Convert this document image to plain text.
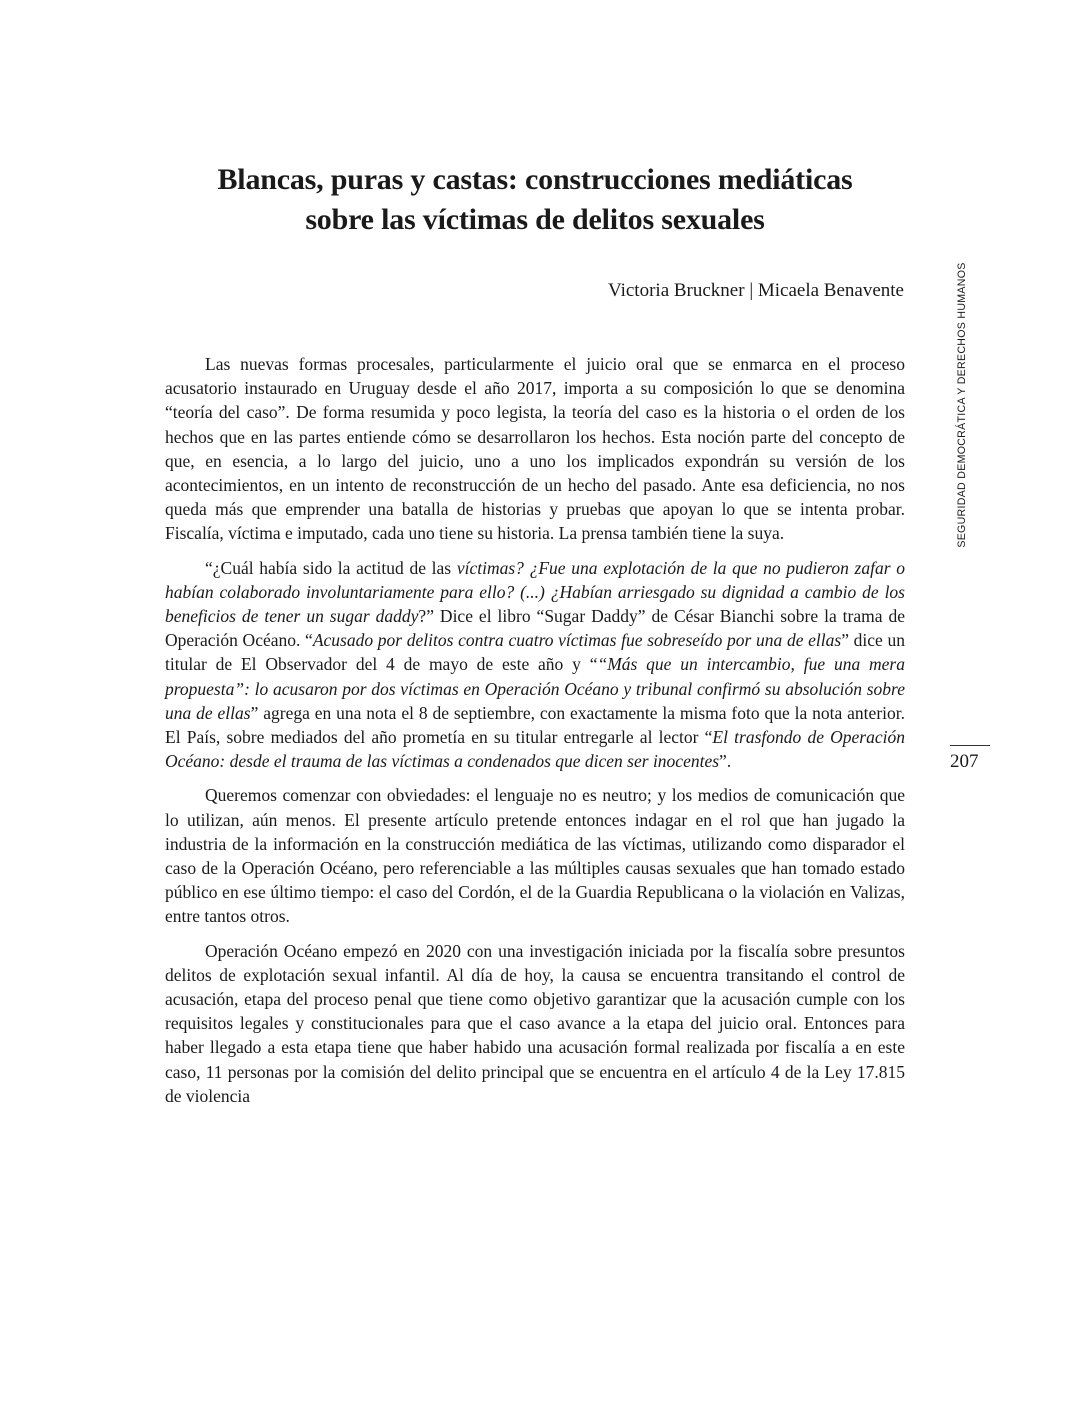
Blancas, puras y castas: construcciones mediáticas
sobre las víctimas de delitos sexuales
Victoria Bruckner | Micaela Benavente	SEGURIDAD DEMOCRÁTICA Y DERECHOS HUMANOS
207

Las nuevas formas procesales, particularmente el juicio oral que se enmarca en el proceso acusatorio instaurado en Uruguay desde el año 2017, importa a su composición lo que se denomina “teoría del caso”. De forma resumida y poco legista, la teoría del caso es la historia o el orden de los hechos que en las partes entiende cómo se desarrollaron los hechos. Esta noción parte del concepto de que, en esencia, a lo largo del juicio, uno a uno los implicados expondrán su versión de los acontecimientos, en un intento de reconstrucción de un hecho del pasado. Ante esa deficiencia, no nos queda más que emprender una batalla de historias y pruebas que apoyan lo que se intenta probar. Fiscalía, víctima e imputado, cada uno tiene su historia. La prensa también tiene la suya.

“¿Cuál había sido la actitud de las víctimas? ¿Fue una explotación de la que no pudieron zafar o habían colaborado involuntariamente para ello? (...) ¿Habían arriesgado su dignidad a cambio de los beneficios de tener un sugar daddy?” Dice el libro “Sugar Daddy” de César Bianchi sobre la trama de Operación Océano. “Acusado por delitos contra cuatro víctimas fue sobreseído por una de ellas” dice un titular de El Observador del 4 de mayo de este año y ““Más que un intercambio, fue una mera propuesta”: lo acusaron por dos víctimas en Operación Océano y tribunal confirmó su absolución sobre una de ellas” agrega en una nota el 8 de septiembre, con exactamente la misma foto que la nota anterior. El País, sobre mediados del año prometía en su titular entregarle al lector “El trasfondo de Operación Océano: desde el trauma de las víctimas a condenados que dicen ser inocentes”.

Queremos comenzar con obviedades: el lenguaje no es neutro; y los medios de comunicación que lo utilizan, aún menos. El presente artículo pretende entonces indagar en el rol que han jugado la industria de la información en la construcción mediática de las víctimas, utilizando como disparador el caso de la Operación Océano, pero referenciable a las múltiples causas sexuales que han tomado estado público en ese último tiempo: el caso del Cordón, el de la Guardia Republicana o la violación en Valizas, entre tantos otros.

Operación Océano empezó en 2020 con una investigación iniciada por la fiscalía sobre presuntos delitos de explotación sexual infantil. Al día de hoy, la causa se encuentra transitando el control de acusación, etapa del proceso penal que tiene como objetivo garantizar que la acusación cumple con los requisitos legales y constitucionales para que el caso avance a la etapa del juicio oral. Entonces para haber llegado a esta etapa tiene que haber habido una acusación formal realizada por fiscalía a en este caso, 11 personas por la comisión del delito principal que se encuentra en el artículo 4 de la Ley 17.815 de violencia
